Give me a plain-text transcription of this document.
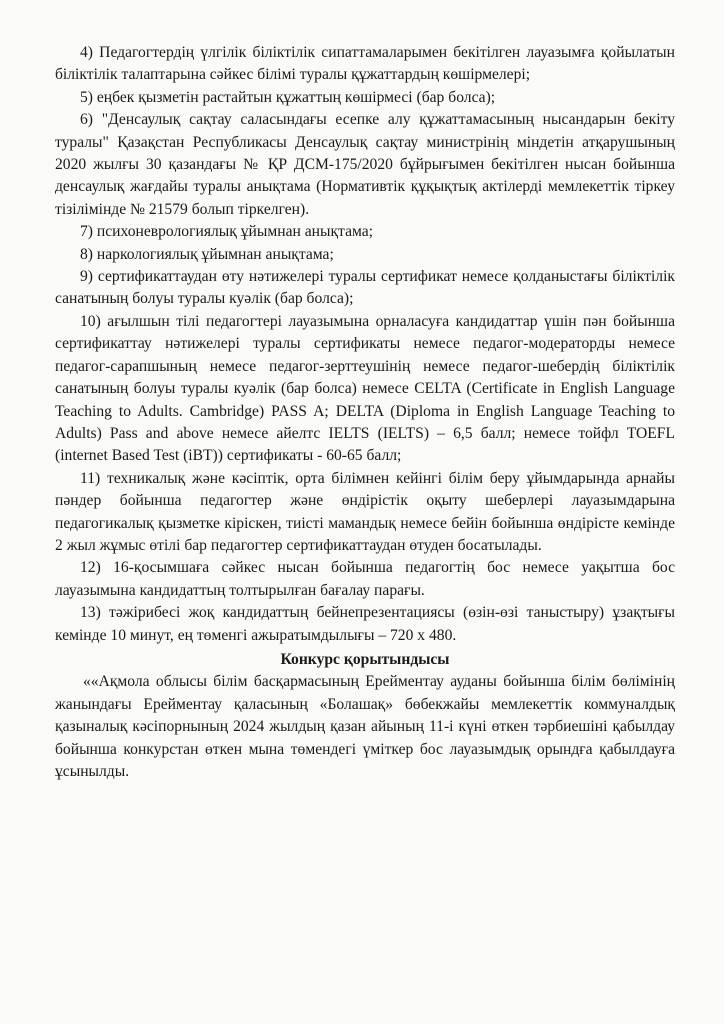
4) Педагогтердің үлгілік біліктілік сипаттамаларымен бекітілген лауазымға қойылатын біліктілік талаптарына сәйкес білімі туралы құжаттардың көшірмелері;

5) еңбек қызметін растайтын құжаттың көшірмесі (бар болса);

6) "Денсаулық сақтау саласындағы есепке алу құжаттамасының нысандарын бекіту туралы" Қазақстан Республикасы Денсаулық сақтау министрінің міндетін атқарушының 2020 жылғы 30 қазандағы № ҚР ДСМ-175/2020 бұйрығымен бекітілген нысан бойынша денсаулық жағдайы туралы анықтама (Нормативтік құқықтық актілерді мемлекеттік тіркеу тізілімінде № 21579 болып тіркелген).

7) психоневрологиялық ұйымнан анықтама;

8) наркологиялық ұйымнан анықтама;

9) сертификаттаудан өту нәтижелері туралы сертификат немесе қолданыстағы біліктілік санатының болуы туралы куәлік (бар болса);

10) ағылшын тілі педагогтері лауазымына орналасуға кандидаттар үшін пән бойынша сертификаттау нәтижелері туралы сертификаты немесе педагог-модераторды немесе педагог-сарапшының немесе педагог-зерттеушінің немесе педагог-шебердің біліктілік санатының болуы туралы куәлік (бар болса) немесе CELTA (Certificate in English Language Teaching to Adults. Cambridge) PASS A; DELTA (Diploma in English Language Teaching to Adults) Pass and above немесе айелтс IELTS (IELTS) – 6,5 балл; немесе тойфл TOEFL (internet Based Test (iBT)) сертификаты - 60-65 балл;

11) техникалық және кәсіптік, орта білімнен кейінгі білім беру ұйымдарында арнайы пәндер бойынша педагогтер және өндірістік оқыту шеберлері лауазымдарына педагогикалық қызметке кірiскен, тиісті мамандық немесе бейін бойынша өндірісте кемінде 2 жыл жұмыс өтілі бар педагогтер сертификаттаудан өтуден босатылады.

12) 16-қосымшаға сәйкес нысан бойынша педагогтің бос немесе уақытша бос лауазымына кандидаттың толтырылған бағалау парағы.

13) тәжірибесі жоқ кандидаттың бейнепрезентациясы (өзін-өзі таныстыру) ұзақтығы кемінде 10 минут, ең төменгі ажыратымдылығы – 720 x 480.

Конкурс қорытындысы

««Ақмола облысы білім басқармасының Ерейментау ауданы бойынша білім бөлімінің жанындағы Ерейментау қаласының «Болашақ» бөбекжайы мемлекеттік коммуналдық қазыналық кәсіпорнының 2024 жылдың қазан айының 11-і күні өткен тәрбиешіні қабылдау бойынша конкурстан өткен мына төмендегі үміткер бос лауазымдық орындға қабылдауға ұсынылды.
